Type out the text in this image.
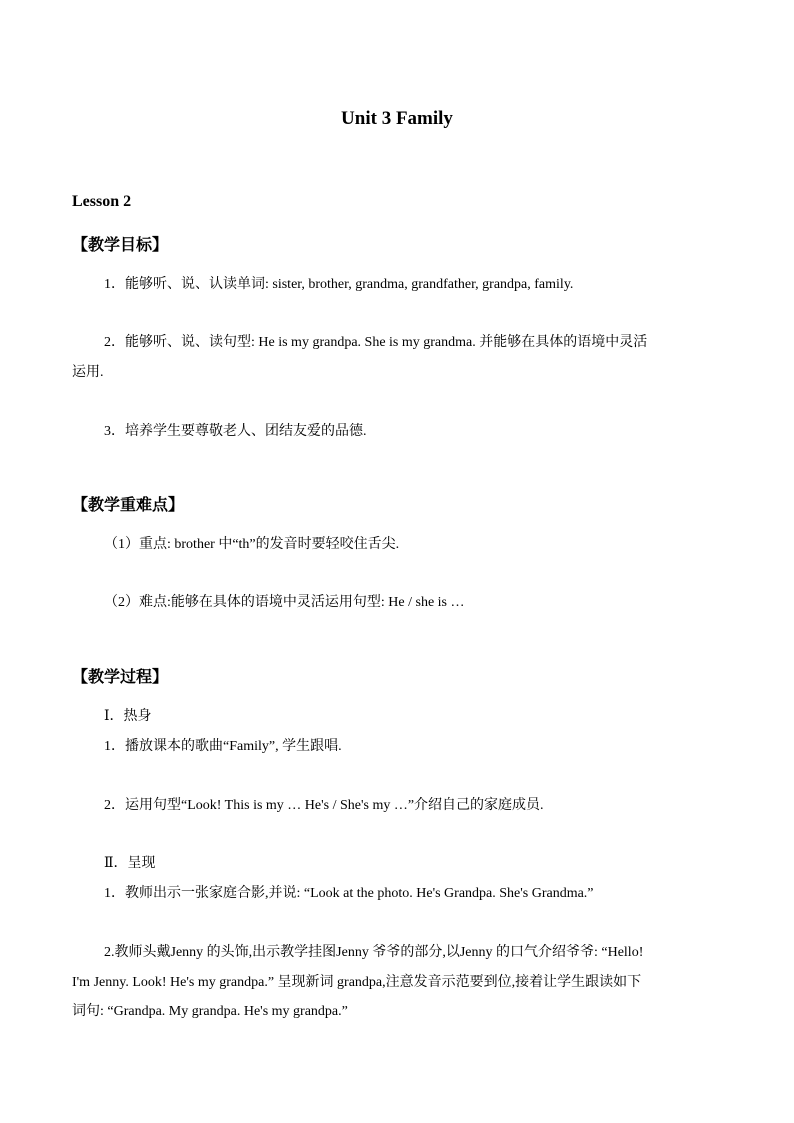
Unit 3 Family
Lesson 2
【教学目标】
1．能够听、说、认读单词: sister, brother, grandma, grandfather, grandpa, family.
2．能够听、说、读句型: He is my grandpa. She is my grandma. 并能够在具体的语境中灵活
运用.
3．培养学生要尊敬老人、团结友爱的品德.
【教学重难点】
（1）重点: brother 中“th”的发音时要轻咬住舌尖.
（2）难点:能够在具体的语境中灵活运用句型: He / she is …
【教学过程】
Ⅰ．热身
1．播放课本的歌曲“Family”, 学生跟唱.
2．运用句型“Look! This is my … He's / She's my …”介绍自己的家庭成员.
Ⅱ．呈现
1．教师出示一张家庭合影,并说: “Look at the photo. He's Grandpa. She's Grandma.”
2.教师头戴Jenny 的头饰,出示教学挂图Jenny 爷爷的部分,以Jenny 的口气介绍爷爷: “Hello!
I'm Jenny. Look! He's my grandpa.” 呈现新词 grandpa,注意发音示范要到位,接着让学生跟读如下
词句: “Grandpa. My grandpa. He's my grandpa.”
